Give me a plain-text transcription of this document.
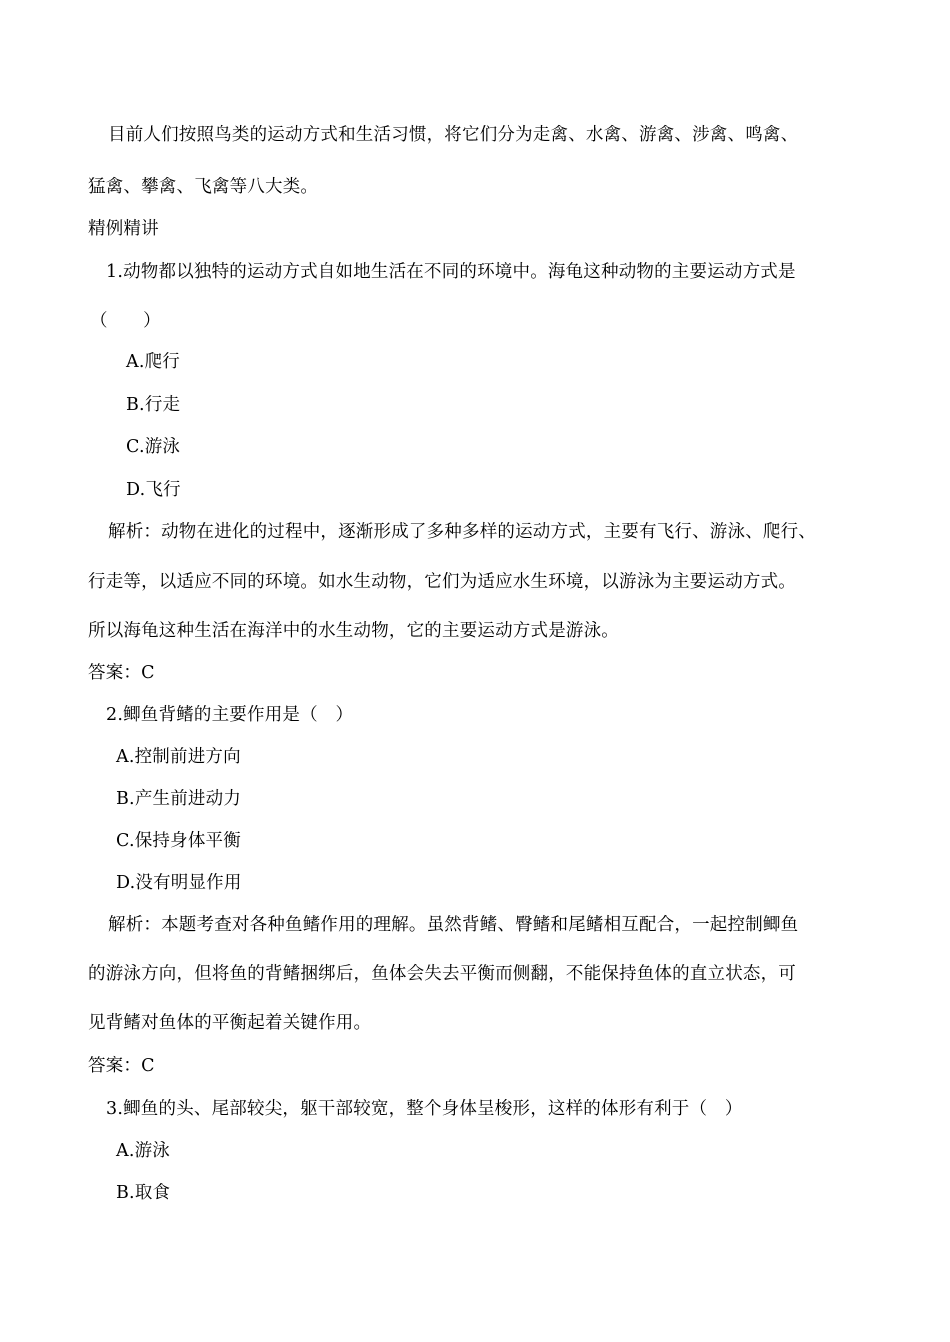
目前人们按照鸟类的运动方式和生活习惯，将它们分为走禽、水禽、游禽、涉禽、鸣禽、
猛禽、攀禽、飞禽等八大类。
精例精讲
1.动物都以独特的运动方式自如地生活在不同的环境中。海龟这种动物的主要运动方式是
（　　）
A.爬行
B.行走
C.游泳
D.飞行
解析：动物在进化的过程中，逐渐形成了多种多样的运动方式，主要有飞行、游泳、爬行、
行走等，以适应不同的环境。如水生动物，它们为适应水生环境，以游泳为主要运动方式。
所以海龟这种生活在海洋中的水生动物，它的主要运动方式是游泳。
答案：C
2.鲫鱼背鳍的主要作用是（　）
A.控制前进方向
B.产生前进动力
C.保持身体平衡
D.没有明显作用
解析：本题考查对各种鱼鳍作用的理解。虽然背鳍、臀鳍和尾鳍相互配合，一起控制鲫鱼
的游泳方向，但将鱼的背鳍捆绑后，鱼体会失去平衡而侧翻，不能保持鱼体的直立状态，可
见背鳍对鱼体的平衡起着关键作用。
答案：C
3.鲫鱼的头、尾部较尖，躯干部较宽，整个身体呈梭形，这样的体形有利于（　）
A.游泳
B.取食
